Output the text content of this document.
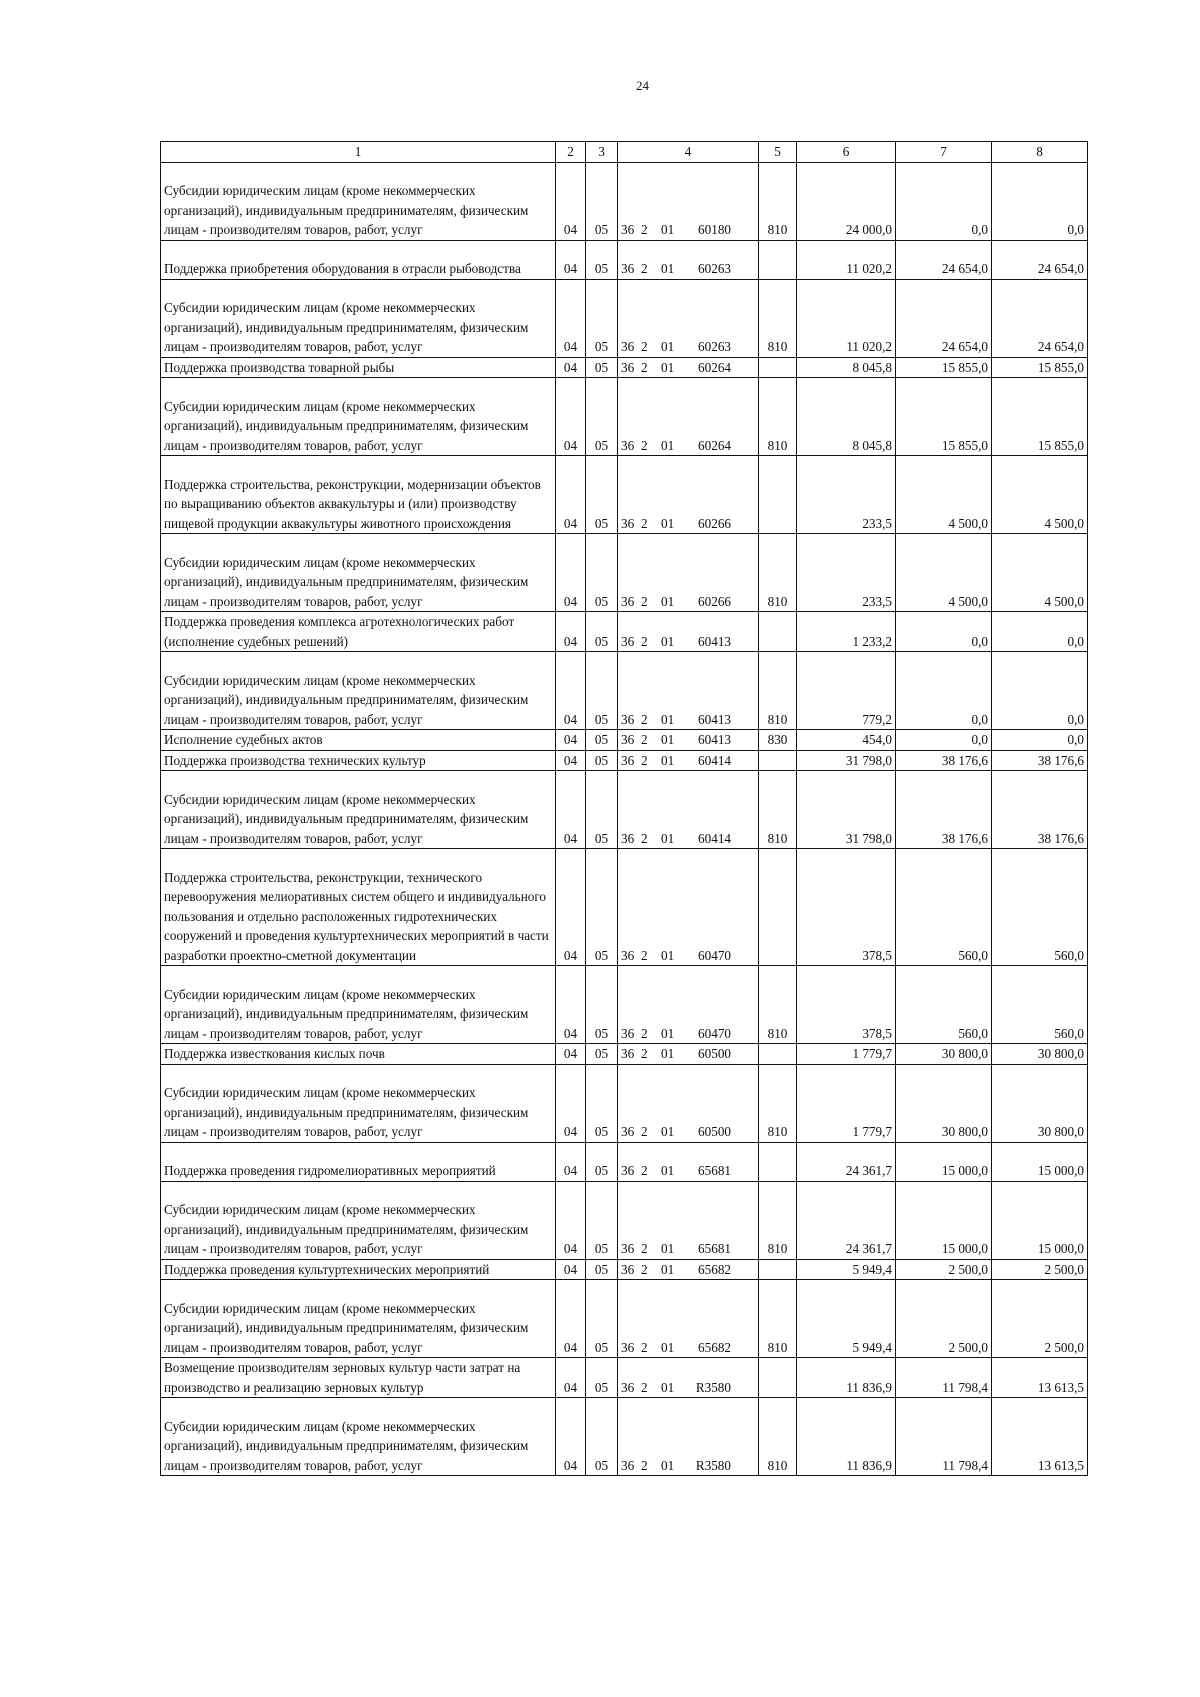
24
1	2	3	4	5	6	7	8
Субсидии юридическим лицам (кроме некоммерческих организаций), индивидуальным предпринимателям, физическим лицам - производителям товаров, работ, услуг	04	05	36 2 01 60180	810	24 000,0	0,0	0,0
Поддержка приобретения оборудования в отрасли рыбоводства	04	05	36 2 01 60263		11 020,2	24 654,0	24 654,0
Субсидии юридическим лицам (кроме некоммерческих организаций), индивидуальным предпринимателям, физическим лицам - производителям товаров, работ, услуг	04	05	36 2 01 60263	810	11 020,2	24 654,0	24 654,0
Поддержка производства товарной рыбы	04	05	36 2 01 60264		8 045,8	15 855,0	15 855,0
Субсидии юридическим лицам (кроме некоммерческих организаций), индивидуальным предпринимателям, физическим лицам - производителям товаров, работ, услуг	04	05	36 2 01 60264	810	8 045,8	15 855,0	15 855,0
Поддержка строительства, реконструкции, модернизации объектов по выращиванию объектов аквакультуры и (или) производству пищевой продукции аквакультуры животного происхождения	04	05	36 2 01 60266		233,5	4 500,0	4 500,0
Субсидии юридическим лицам (кроме некоммерческих организаций), индивидуальным предпринимателям, физическим лицам - производителям товаров, работ, услуг	04	05	36 2 01 60266	810	233,5	4 500,0	4 500,0
Поддержка проведения комплекса агротехнологических работ (исполнение судебных решений)	04	05	36 2 01 60413		1 233,2	0,0	0,0
Субсидии юридическим лицам (кроме некоммерческих организаций), индивидуальным предпринимателям, физическим лицам - производителям товаров, работ, услуг	04	05	36 2 01 60413	810	779,2	0,0	0,0
Исполнение судебных актов	04	05	36 2 01 60413	830	454,0	0,0	0,0
Поддержка производства технических культур	04	05	36 2 01 60414		31 798,0	38 176,6	38 176,6
Субсидии юридическим лицам (кроме некоммерческих организаций), индивидуальным предпринимателям, физическим лицам - производителям товаров, работ, услуг	04	05	36 2 01 60414	810	31 798,0	38 176,6	38 176,6
Поддержка строительства, реконструкции, технического перевооружения мелиоративных систем общего и индивидуального пользования и отдельно расположенных гидротехнических сооружений и проведения культуртехнических мероприятий в части разработки проектно-сметной документации	04	05	36 2 01 60470		378,5	560,0	560,0
Субсидии юридическим лицам (кроме некоммерческих организаций), индивидуальным предпринимателям, физическим лицам - производителям товаров, работ, услуг	04	05	36 2 01 60470	810	378,5	560,0	560,0
Поддержка известкования кислых почв	04	05	36 2 01 60500		1 779,7	30 800,0	30 800,0
Субсидии юридическим лицам (кроме некоммерческих организаций), индивидуальным предпринимателям, физическим лицам - производителям товаров, работ, услуг	04	05	36 2 01 60500	810	1 779,7	30 800,0	30 800,0
Поддержка проведения гидромелиоративных мероприятий	04	05	36 2 01 65681		24 361,7	15 000,0	15 000,0
Субсидии юридическим лицам (кроме некоммерческих организаций), индивидуальным предпринимателям, физическим лицам - производителям товаров, работ, услуг	04	05	36 2 01 65681	810	24 361,7	15 000,0	15 000,0
Поддержка проведения культуртехнических мероприятий	04	05	36 2 01 65682		5 949,4	2 500,0	2 500,0
Субсидии юридическим лицам (кроме некоммерческих организаций), индивидуальным предпринимателям, физическим лицам - производителям товаров, работ, услуг	04	05	36 2 01 65682	810	5 949,4	2 500,0	2 500,0
Возмещение производителям зерновых культур части затрат на производство и реализацию зерновых культур	04	05	36 2 01 R3580		11 836,9	11 798,4	13 613,5
Субсидии юридическим лицам (кроме некоммерческих организаций), индивидуальным предпринимателям, физическим лицам - производителям товаров, работ, услуг	04	05	36 2 01 R3580	810	11 836,9	11 798,4	13 613,5
